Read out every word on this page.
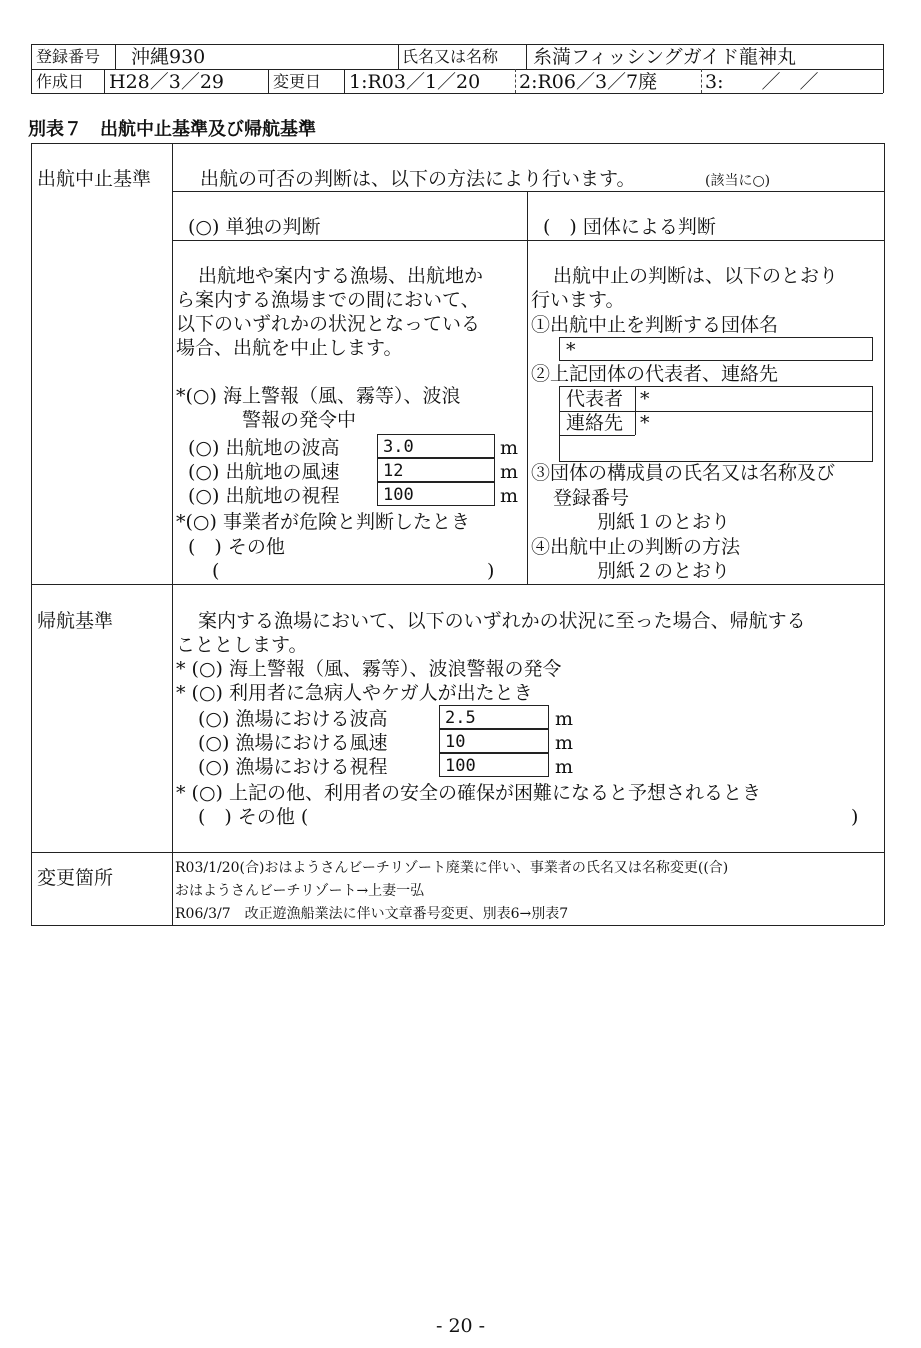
登録番号 沖縄930	氏名又は名称 糸満フィッシングガイド龍神丸
作成日 H28／3／29	変更日 1:R03／1／20 2:R06／3／7廃	3:　　／　／
別表７　出航中止基準及び帰航基準
出航中止基準	出航の可否の判断は、以下の方法により行います。	(該当に○)
(○) 単独の判断	(　) 団体による判断
出航地や案内する漁場、出航地か
ら案内する漁場までの間において、
以下のいずれかの状況となっている
場合、出航を中止します。
*(○) 海上警報（風、霧等）、波浪
警報の発令中
(○) 出航地の波高	3.0	m
(○) 出航地の風速	12	m
(○) 出航地の視程	100	m
*(○) 事業者が危険と判断したとき
(　) その他
(	)
出航中止の判断は、以下のとおり
行います。
①出航中止を判断する団体名
*
②上記団体の代表者、連絡先
代表者 *
連絡先 *
③団体の構成員の氏名又は名称及び
登録番号
別紙１のとおり
④出航中止の判断の方法
別紙２のとおり
帰航基準	案内する漁場において、以下のいずれかの状況に至った場合、帰航する
こととします。
* (○) 海上警報（風、霧等）、波浪警報の発令
* (○) 利用者に急病人やケガ人が出たとき
(○) 漁場における波高	2.5	m
(○) 漁場における風速	10	m
(○) 漁場における視程	100	m
* (○) 上記の他、利用者の安全の確保が困難になると予想されるとき
(　) その他 (	)
変更箇所	R03/1/20(合)おはようさんビーチリゾート廃業に伴い、事業者の氏名又は名称変更((合)
おはようさんビーチリゾート→上妻一弘
R06/3/7　改正遊漁船業法に伴い文章番号変更、別表6→別表7
- 20 -
